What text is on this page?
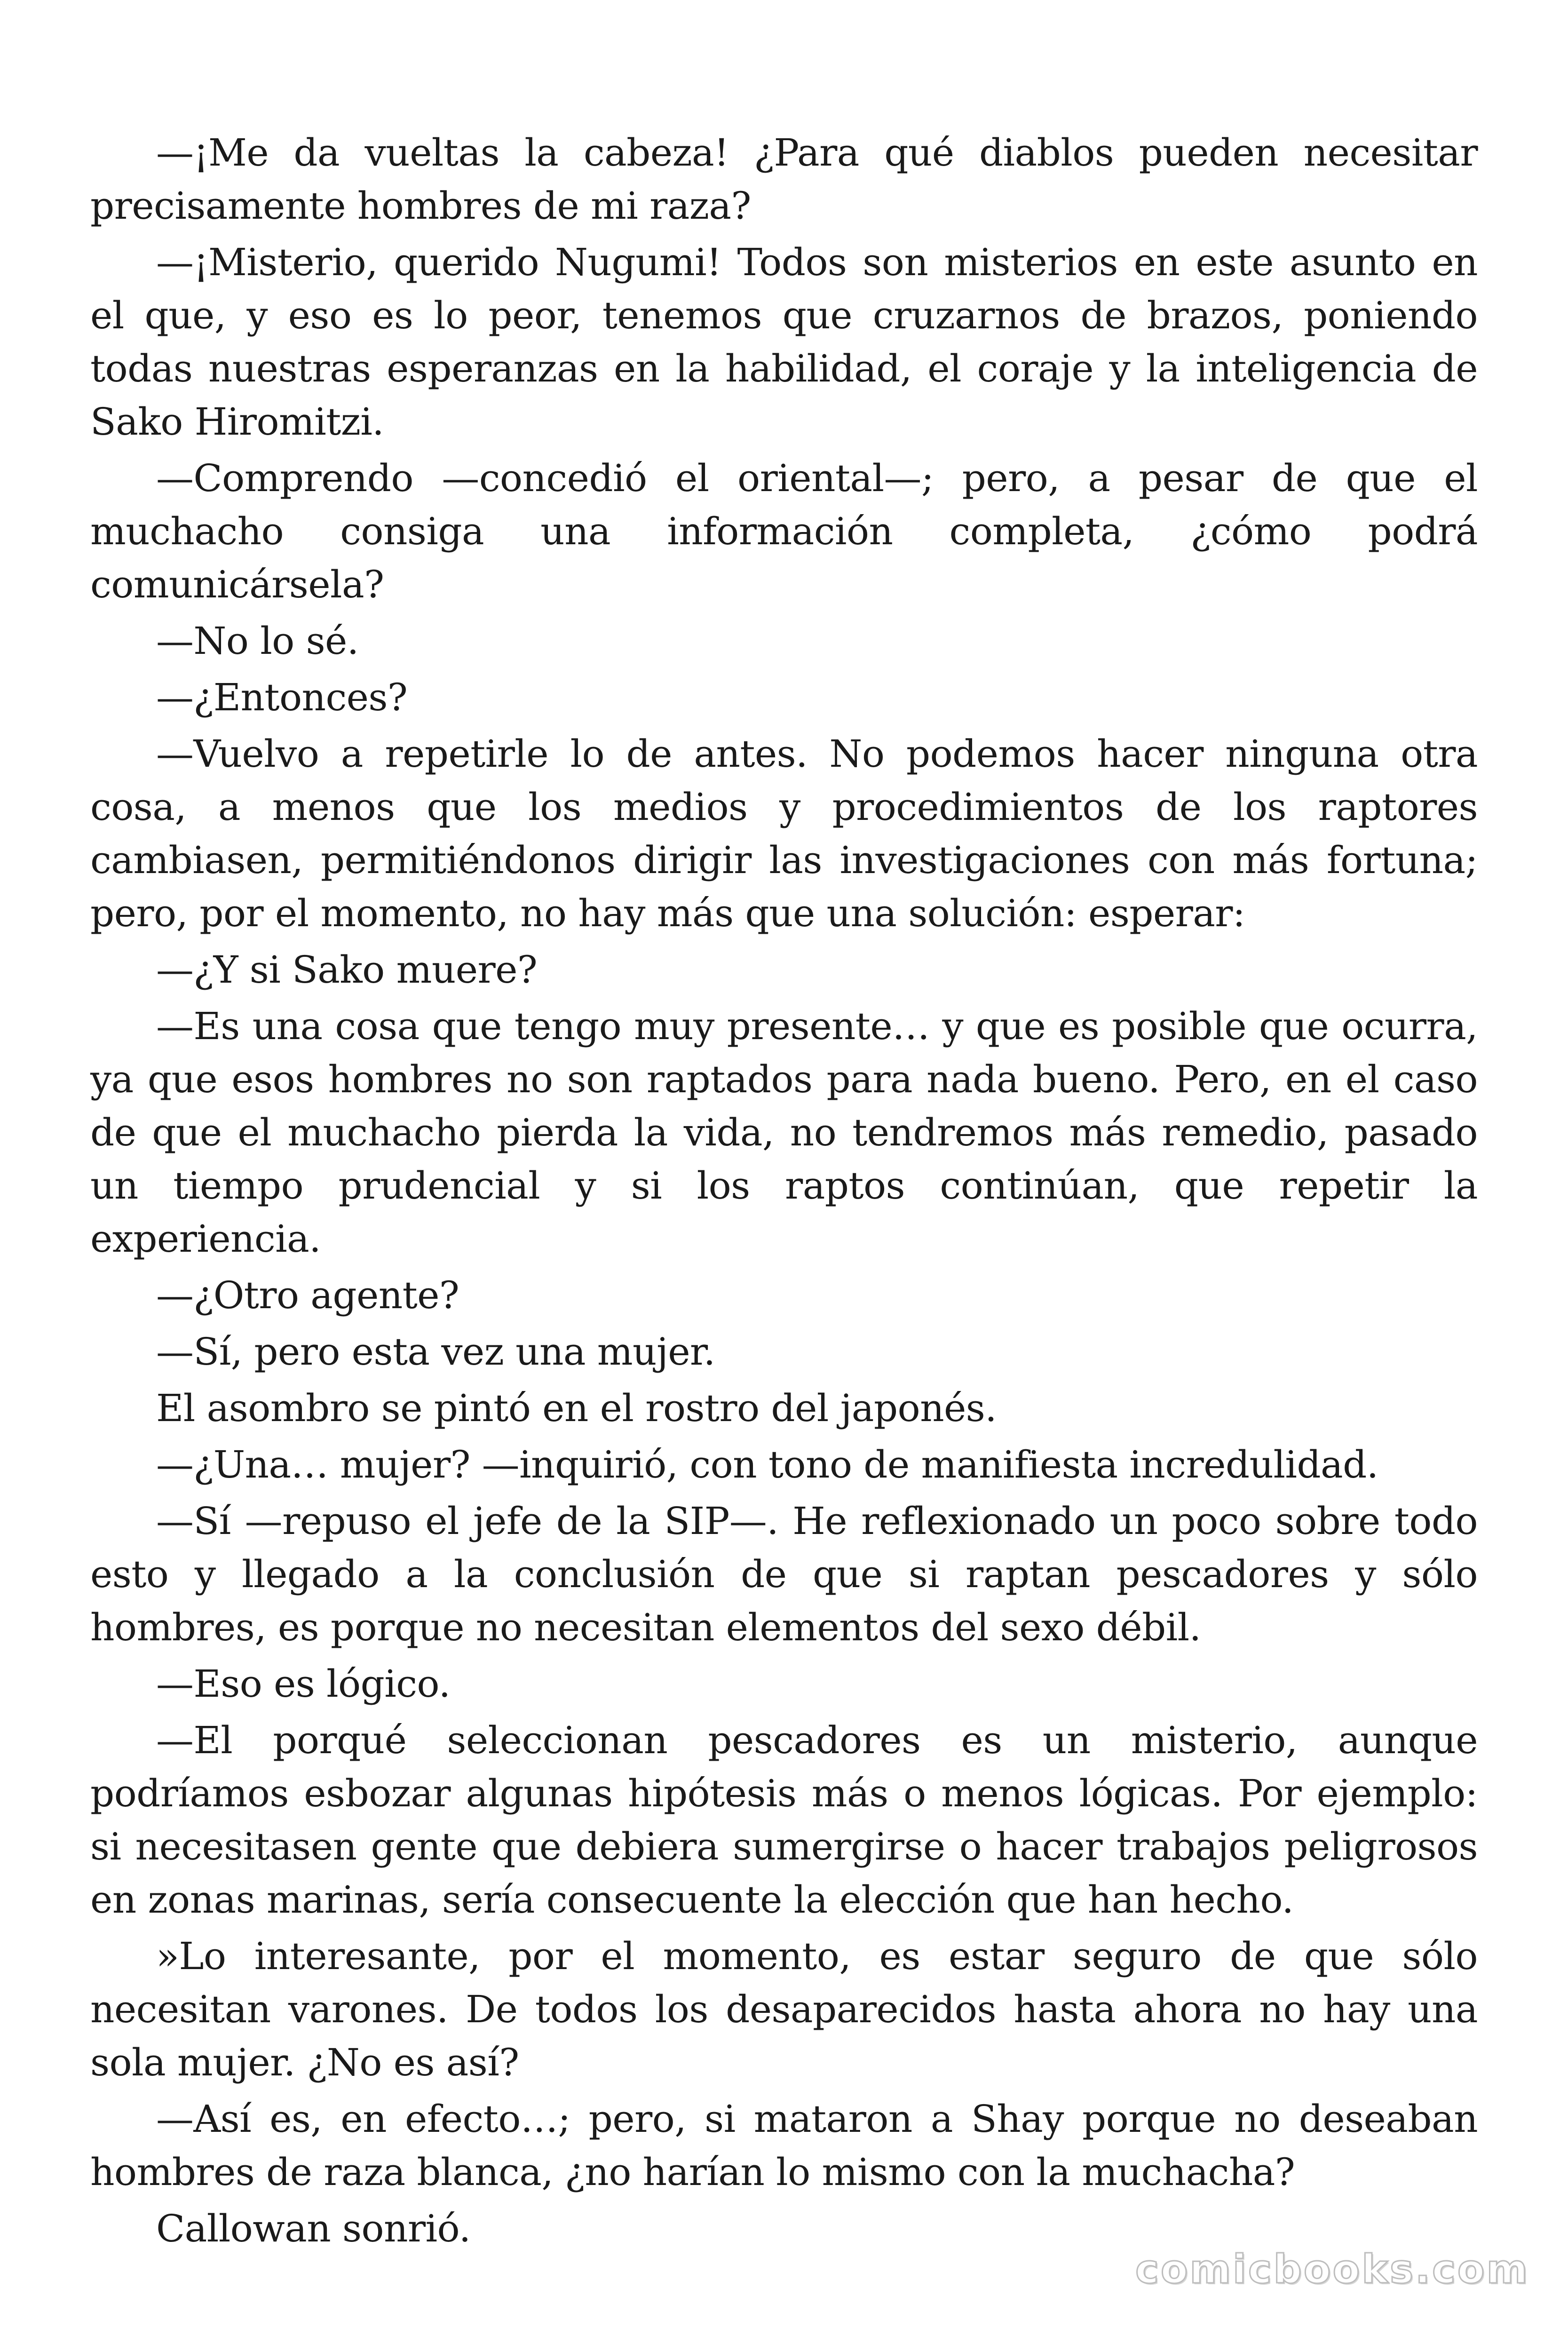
—¡Me da vueltas la cabeza! ¿Para qué diablos pueden necesitar precisamente hombres de mi raza?

—¡Misterio, querido Nugumi! Todos son misterios en este asunto en el que, y eso es lo peor, tenemos que cruzarnos de brazos, poniendo todas nuestras esperanzas en la habilidad, el coraje y la inteligencia de Sako Hiromitzi.

—Comprendo —concedió el oriental—; pero, a pesar de que el muchacho consiga una información completa, ¿cómo podrá comunicársela?

—No lo sé.

—¿Entonces?

—Vuelvo a repetirle lo de antes. No podemos hacer ninguna otra cosa, a menos que los medios y procedimientos de los raptores cambiasen, permitiéndonos dirigir las investigaciones con más fortuna; pero, por el momento, no hay más que una solución: esperar:

—¿Y si Sako muere?

—Es una cosa que tengo muy presente… y que es posible que ocurra, ya que esos hombres no son raptados para nada bueno. Pero, en el caso de que el muchacho pierda la vida, no tendremos más remedio, pasado un tiempo prudencial y si los raptos continúan, que repetir la experiencia.

—¿Otro agente?

—Sí, pero esta vez una mujer.

El asombro se pintó en el rostro del japonés.

—¿Una… mujer? —inquirió, con tono de manifiesta incredulidad.

—Sí —repuso el jefe de la SIP—. He reflexionado un poco sobre todo esto y llegado a la conclusión de que si raptan pescadores y sólo hombres, es porque no necesitan elementos del sexo débil.

—Eso es lógico.

—El porqué seleccionan pescadores es un misterio, aunque podríamos esbozar algunas hipótesis más o menos lógicas. Por ejemplo: si necesitasen gente que debiera sumergirse o hacer trabajos peligrosos en zonas marinas, sería consecuente la elección que han hecho.

»Lo interesante, por el momento, es estar seguro de que sólo necesitan varones. De todos los desaparecidos hasta ahora no hay una sola mujer. ¿No es así?

—Así es, en efecto…; pero, si mataron a Shay porque no deseaban hombres de raza blanca, ¿no harían lo mismo con la muchacha?

Callowan sonrió.

comicbooks.com
